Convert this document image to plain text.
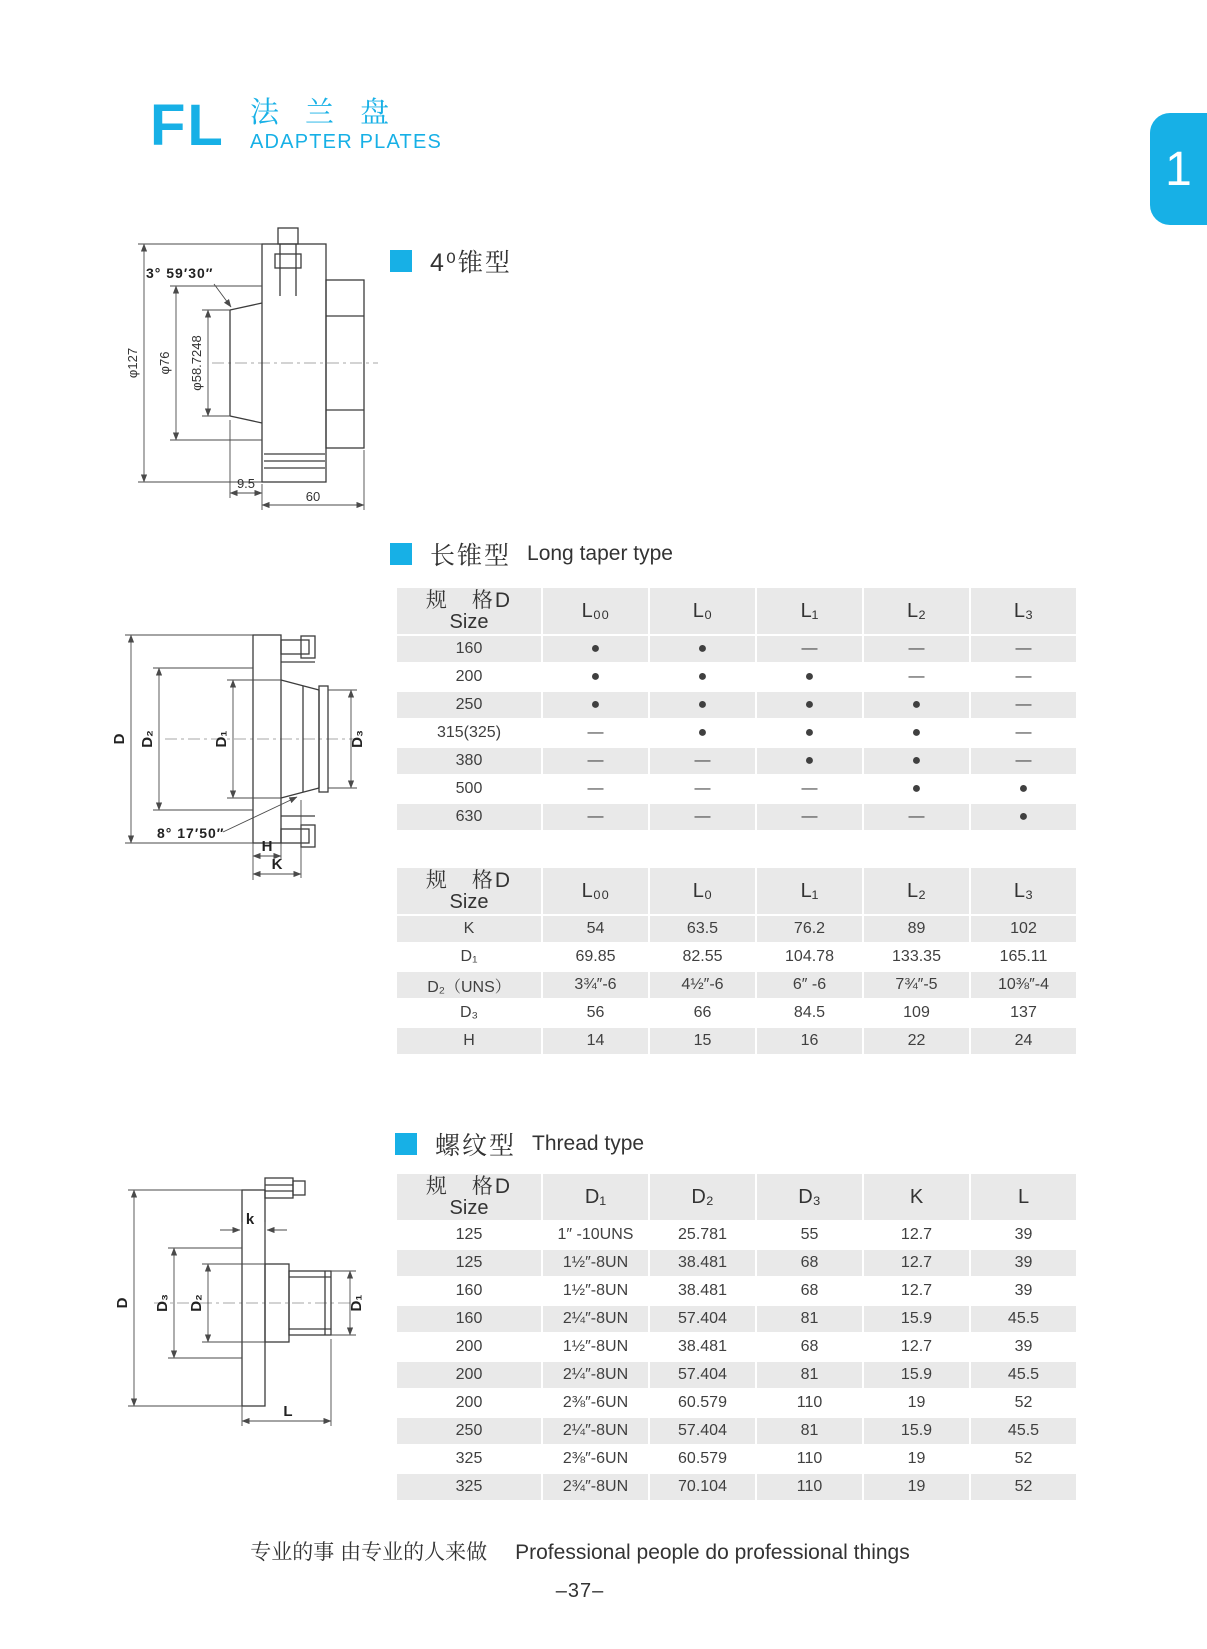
FL 法 兰 盘
ADAPTER PLATES
1
4⁰锥型
长锥型 Long taper type
螺纹型 Thread type
3° 59′30″
φ127 φ76 φ58.7248
9.5
60
D D₂	D₁	D₃
8° 17′50″
H
K
k
D D₃ D₂	D₁
L
规　格D
Size	L₀₀	L₀	L₁	L₂	L₃
160	●	●	—	—	—
200	●	●	●	—	—
250	●	●	●	●	—
315(325)	—	●	●	●	—
380	—	—	●	●	—
500	—	—	—	●	●
630	—	—	—	—	●
规　格D
Size	L₀₀	L₀	L₁	L₂	L₃
K	54	63.5	76.2	89	102
D₁	69.85	82.55	104.78	133.35	165.11
D₂（UNS）	3¾″-6	4½″-6	6″ -6	7¾″-5	10⅜″-4
D₃	56	66	84.5	109	137
H	14	15	16	22	24
规　格D
Size	D₁	D₂	D₃	K	L
125	1″ -10UNS	25.781	55	12.7	39
125	1½″-8UN	38.481	68	12.7	39
160	1½″-8UN	38.481	68	12.7	39
160	2¼″-8UN	57.404	81	15.9	45.5
200	1½″-8UN	38.481	68	12.7	39
200	2¼″-8UN	57.404	81	15.9	45.5
200	2⅜″-6UN	60.579	110	19	52
250	2¼″-8UN	57.404	81	15.9	45.5
325	2⅜″-6UN	60.579	110	19	52
325	2¾″-8UN	70.104	110	19	52
专业的事 由专业的人来做 Professional people do professional things
–37–
